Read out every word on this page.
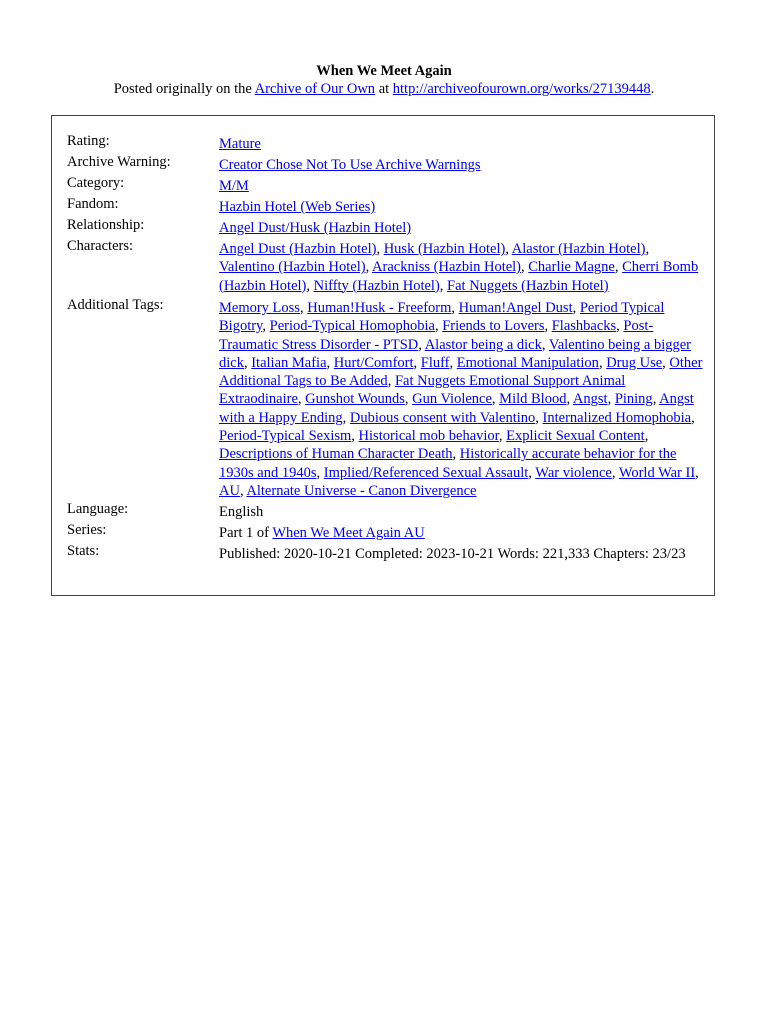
When We Meet Again
Posted originally on the Archive of Our Own at http://archiveofourown.org/works/27139448.
Rating:	Mature
Archive Warning:	Creator Chose Not To Use Archive Warnings
Category:	M/M
Fandom:	Hazbin Hotel (Web Series)
Relationship:	Angel Dust/Husk (Hazbin Hotel)
Characters:	Angel Dust (Hazbin Hotel), Husk (Hazbin Hotel), Alastor (Hazbin Hotel), Valentino (Hazbin Hotel), Arackniss (Hazbin Hotel), Charlie Magne, Cherri Bomb (Hazbin Hotel), Niffty (Hazbin Hotel), Fat Nuggets (Hazbin Hotel)
Additional Tags:	Memory Loss, Human!Husk - Freeform, Human!Angel Dust, Period Typical Bigotry, Period-Typical Homophobia, Friends to Lovers, Flashbacks, Post-Traumatic Stress Disorder - PTSD, Alastor being a dick, Valentino being a bigger dick, Italian Mafia, Hurt/Comfort, Fluff, Emotional Manipulation, Drug Use, Other Additional Tags to Be Added, Fat Nuggets Emotional Support Animal Extraodinaire, Gunshot Wounds, Gun Violence, Mild Blood, Angst, Pining, Angst with a Happy Ending, Dubious consent with Valentino, Internalized Homophobia, Period-Typical Sexism, Historical mob behavior, Explicit Sexual Content, Descriptions of Human Character Death, Historically accurate behavior for the 1930s and 1940s, Implied/Referenced Sexual Assault, War violence, World War II, AU, Alternate Universe - Canon Divergence
Language:	English
Series:	Part 1 of When We Meet Again AU
Stats:	Published: 2020-10-21 Completed: 2023-10-21 Words: 221,333 Chapters: 23/23
